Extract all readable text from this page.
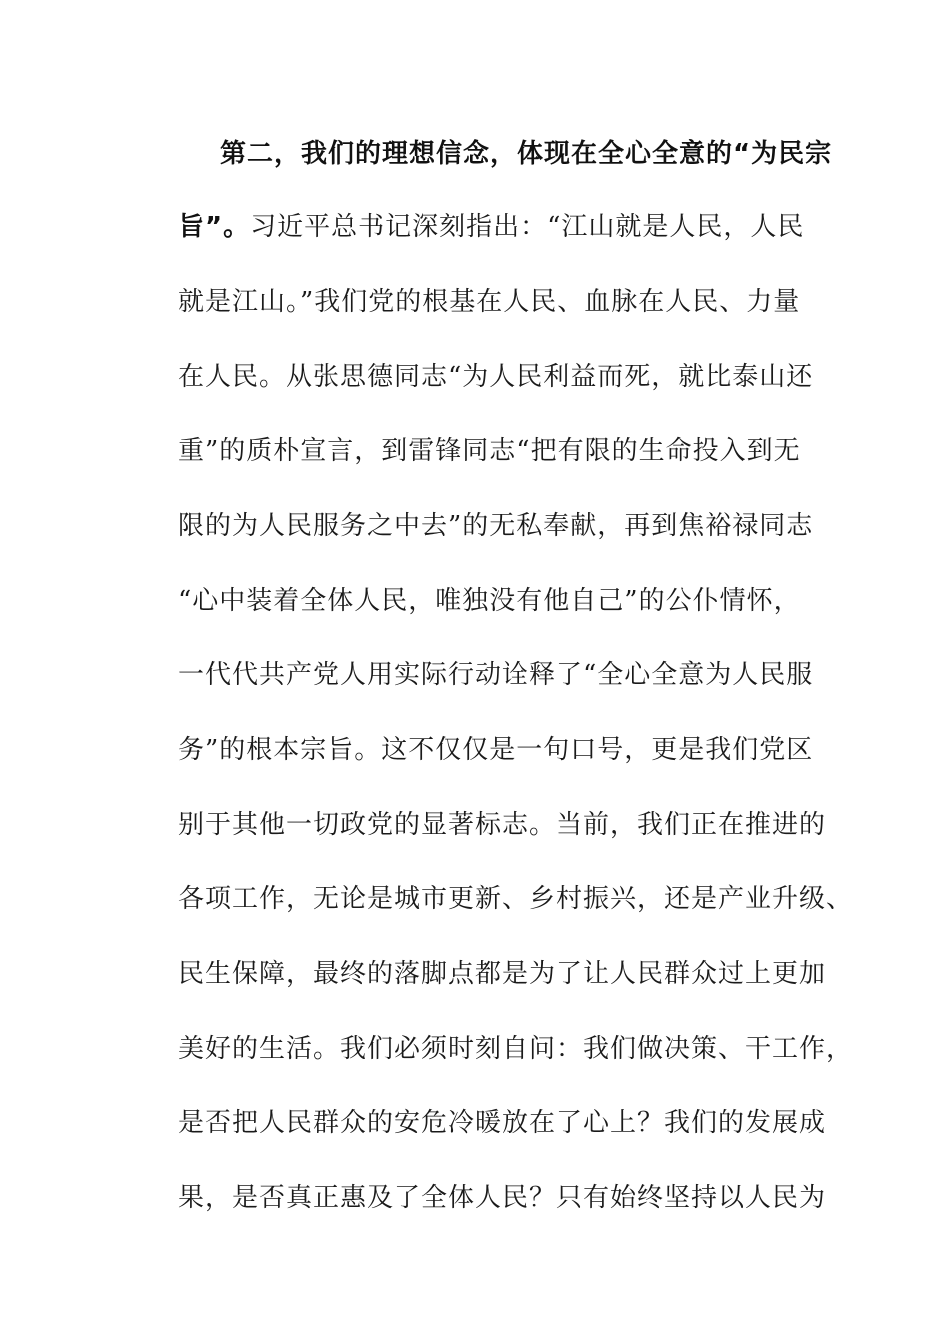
第二，我们的理想信念，体现在全心全意的“为民宗
旨”。习近平总书记深刻指出：“江山就是人民，人民
就是江山。”我们党的根基在人民、血脉在人民、力量
在人民。从张思德同志“为人民利益而死，就比泰山还
重”的质朴宣言，到雷锋同志“把有限的生命投入到无
限的为人民服务之中去”的无私奉献，再到焦裕禄同志
“心中装着全体人民，唯独没有他自己”的公仆情怀，
一代代共产党人用实际行动诠释了“全心全意为人民服
务”的根本宗旨。这不仅仅是一句口号，更是我们党区
别于其他一切政党的显著标志。当前，我们正在推进的
各项工作，无论是城市更新、乡村振兴，还是产业升级、
民生保障，最终的落脚点都是为了让人民群众过上更加
美好的生活。我们必须时刻自问：我们做决策、干工作，
是否把人民群众的安危冷暖放在了心上？我们的发展成
果，是否真正惠及了全体人民？只有始终坚持以人民为
